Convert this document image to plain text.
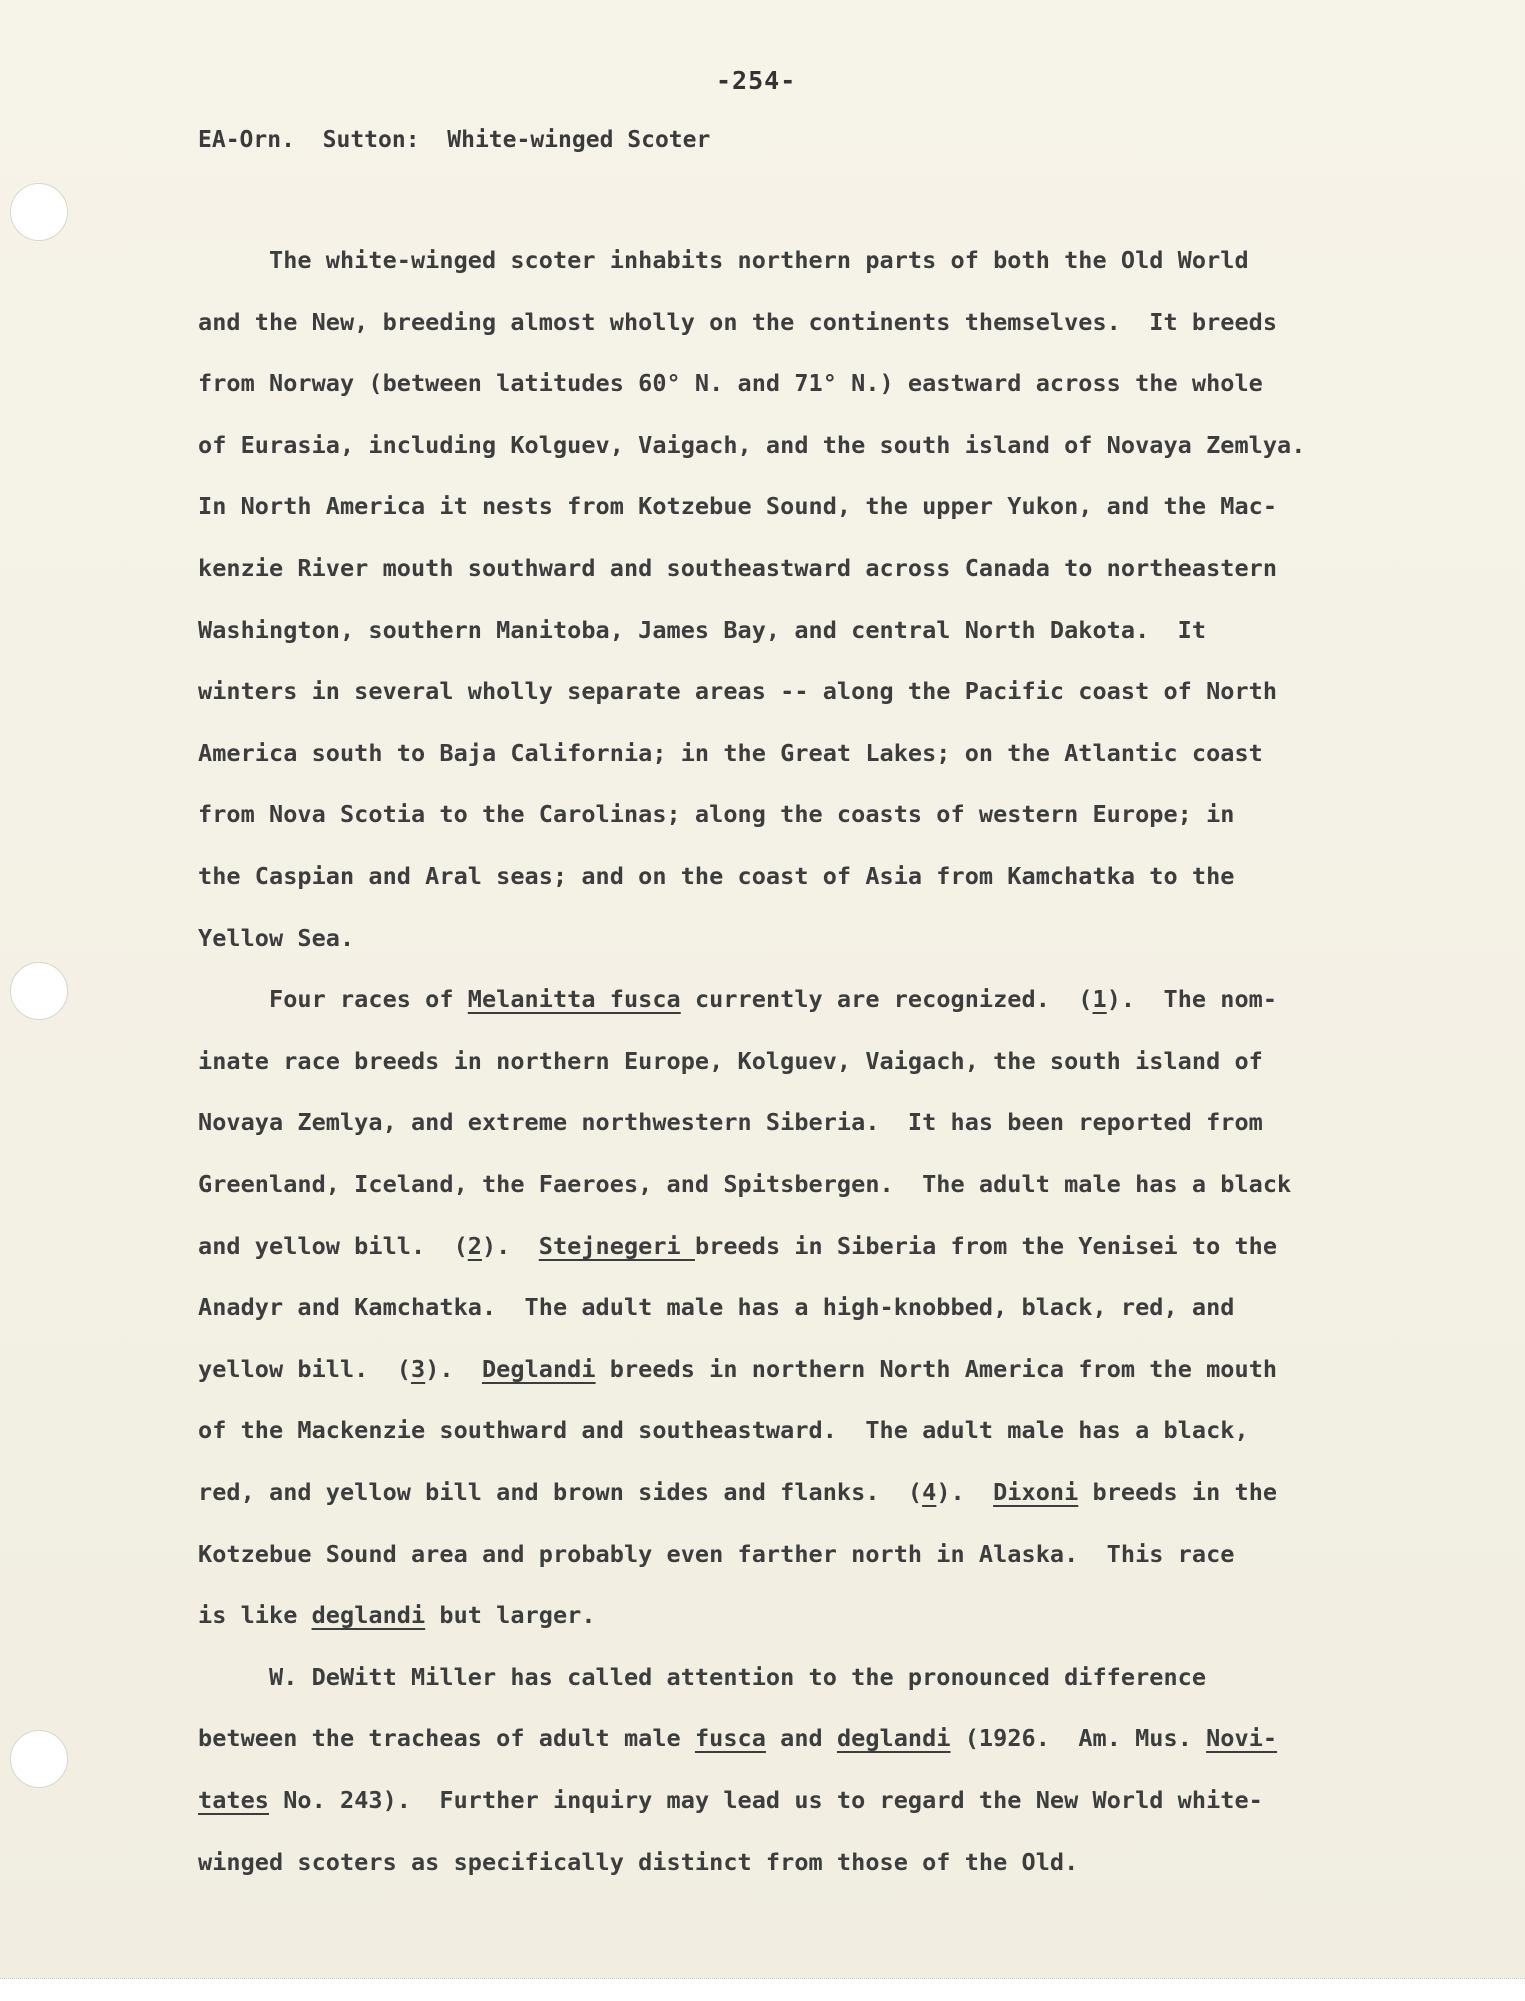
-254-
EA-Orn.  Sutton:  White-winged Scoter
The white-winged scoter inhabits northern parts of both the Old World
and the New, breeding almost wholly on the continents themselves.  It breeds
from Norway (between latitudes 60° N. and 71° N.) eastward across the whole
of Eurasia, including Kolguev, Vaigach, and the south island of Novaya Zemlya.
In North America it nests from Kotzebue Sound, the upper Yukon, and the Mac-
kenzie River mouth southward and southeastward across Canada to northeastern
Washington, southern Manitoba, James Bay, and central North Dakota.  It
winters in several wholly separate areas -- along the Pacific coast of North
America south to Baja California; in the Great Lakes; on the Atlantic coast
from Nova Scotia to the Carolinas; along the coasts of western Europe; in
the Caspian and Aral seas; and on the coast of Asia from Kamchatka to the
Yellow Sea.
Four races of Melanitta fusca currently are recognized.  (1).  The nom-
inate race breeds in northern Europe, Kolguev, Vaigach, the south island of
Novaya Zemlya, and extreme northwestern Siberia.  It has been reported from
Greenland, Iceland, the Faeroes, and Spitsbergen.  The adult male has a black
and yellow bill.  (2).  Stejnegeri breeds in Siberia from the Yenisei to the
Anadyr and Kamchatka.  The adult male has a high-knobbed, black, red, and
yellow bill.  (3).  Deglandi breeds in northern North America from the mouth
of the Mackenzie southward and southeastward.  The adult male has a black,
red, and yellow bill and brown sides and flanks.  (4).  Dixoni breeds in the
Kotzebue Sound area and probably even farther north in Alaska.  This race
is like deglandi but larger.
W. DeWitt Miller has called attention to the pronounced difference
between the tracheas of adult male fusca and deglandi (1926.  Am. Mus. Novi-
tates No. 243).  Further inquiry may lead us to regard the New World white-
winged scoters as specifically distinct from those of the Old.
